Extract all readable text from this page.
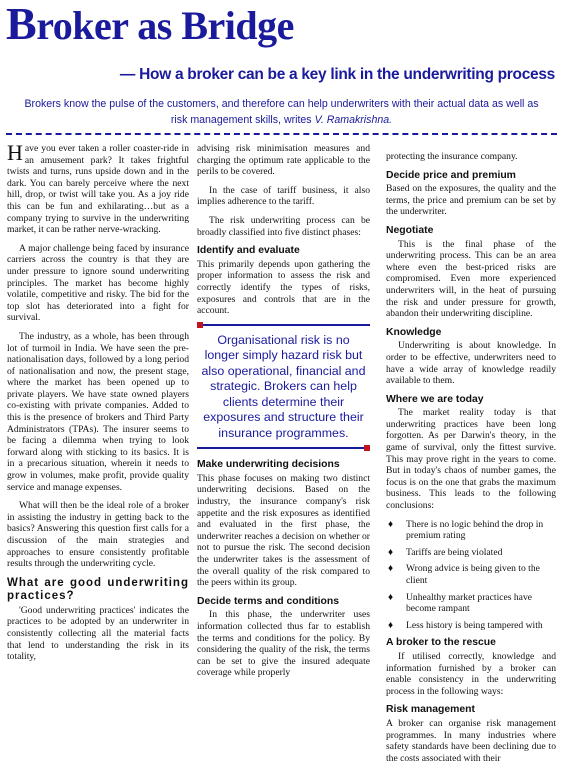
Broker as Bridge
— How a broker can be a key link in the underwriting process
Brokers know the pulse of the customers, and therefore can help underwriters with their actual data as well as risk management skills, writes V. Ramakrishna.

Have you ever taken a roller coaster-ride in an amusement park? It takes frightful twists and turns, runs upside down and in the dark. You can barely perceive where the next hill, drop, or twist will take you. As a joy ride this can be fun and exhilarating…but as a company trying to survive in the underwriting market, it can be rather nerve-wracking.

A major challenge being faced by insurance carriers across the country is that they are under pressure to ignore sound underwriting principles. The market has become highly volatile, competitive and risky. The bid for the top slot has deteriorated into a fight for survival.

The industry, as a whole, has been through lot of turmoil in India. We have seen the pre-nationalisation days, followed by a long period of nationalisation and now, the present stage, where the market has been opened up to private players. We have state owned players co-existing with private companies. Added to this is the presence of brokers and Third Party Administrators (TPAs). The insurer seems to be facing a dilemma when trying to look forward along with sticking to its basics. It is in a precarious situation, wherein it needs to grow in volumes, make profit, provide quality service and manage expenses.

What will then be the ideal role of a broker in assisting the industry in getting back to the basics? Answering this question first calls for a discussion of the main strategies and approaches to ensure consistently profitable results through the underwriting cycle.

What are good underwriting practices?

'Good underwriting practices' indicates the practices to be adopted by an underwriter in consistently collecting all the material facts that lend to understanding the risk in its totality,

advising risk minimisation measures and charging the optimum rate applicable to the perils to be covered.

In the case of tariff business, it also implies adherence to the tariff.

The risk underwriting process can be broadly classified into five distinct phases:

Identify and evaluate

This primarily depends upon gathering the proper information to assess the risk and correctly identify the types of risks, exposures and controls that are in the account.

Organisational risk is no longer simply hazard risk but also operational, financial and strategic. Brokers can help clients determine their exposures and structure their insurance programmes.
Make underwriting decisions

This phase focuses on making two distinct underwriting decisions. Based on the industry, the insurance company's risk appetite and the risk exposures as identified and evaluated in the first phase, the underwriter reaches a decision on whether or not to pursue the risk. The second decision the underwriter takes is the assessment of the overall quality of the risk compared to the peers within its group.

Decide terms and conditions

In this phase, the underwriter uses information collected thus far to establish the terms and conditions for the policy. By considering the quality of the risk, the terms can be set to give the insured adequate coverage while properly

protecting the insurance company.

Decide price and premium

Based on the exposures, the quality and the terms, the price and premium can be set by the underwriter.

Negotiate

This is the final phase of the underwriting process. This can be an area where even the best-priced risks are compromised. Even more experienced underwriters will, in the heat of pursuing the risk and under pressure for growth, abandon their underwriting discipline.

Knowledge

Underwriting is about knowledge. In order to be effective, underwriters need to have a wide array of knowledge readily available to them.

Where we are today

The market reality today is that underwriting practices have been long forgotten. As per Darwin's theory, in the game of survival, only the fittest survive. This may prove right in the years to come. But in today's chaos of number games, the focus is on the one that grabs the maximum business. This leads to the following conclusions:

♦ There is no logic behind the drop in premium rating
♦ Tariffs are being violated
♦ Wrong advice is being given to the client
♦ Unhealthy market practices have become rampant
♦ Less history is being tampered with
A broker to the rescue

If utilised correctly, knowledge and information furnished by a broker can enable consistency in the underwriting process in the following ways:

Risk management

A broker can organise risk management programmes. In many industries where safety standards have been declining due to the costs associated with their
